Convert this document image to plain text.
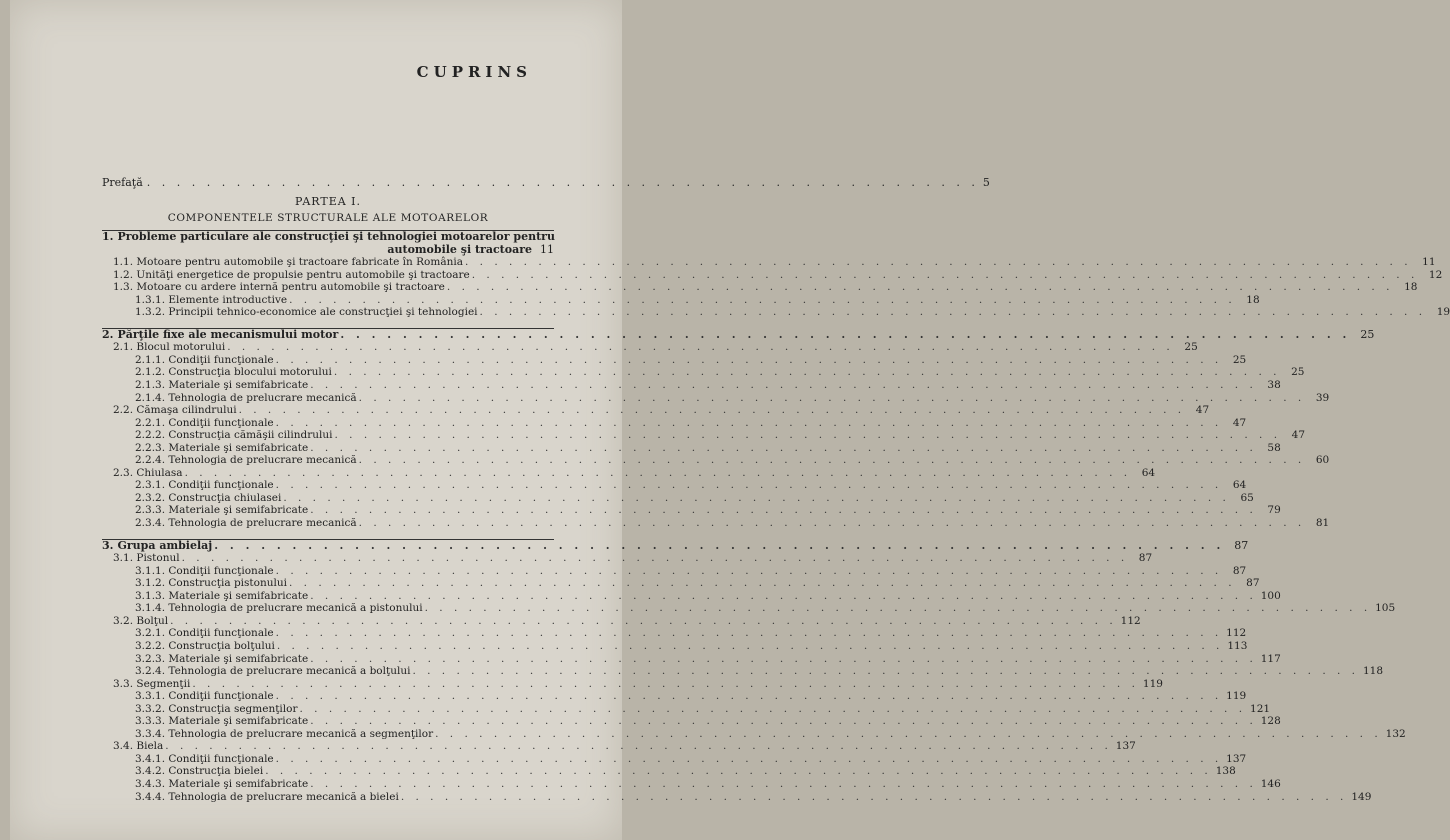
CUPRINS
Prefaţă . . . . . . . . . . . . . . . . . . . . . . . . . . . . . . . . . . . . . . . . . . . . . . . . . . . . . . . . 5
PARTEA I.
COMPONENTELE STRUCTURALE ALE MOTOARELOR
1. Probleme particulare ale construcţiei şi tehnologiei motoarelor pentru
automobile şi tractoare 11
1.1. Motoare pentru automobile şi tractoare fabricate în România . . .	11
1.2. Unităţi energetice de propulsie pentru automobile şi tractoare . . .	12
1.3. Motoare cu ardere internă pentru automobile şi tractoare . . .	18
1.3.1. Elemente introductive . . .	18
1.3.2. Principii tehnico-economice ale construcţiei şi tehnologiei . . .	19
2. Părţile fixe ale mecanismului motor . . .	25
2.1. Blocul motorului . . .	25
2.1.1. Condiţii funcţionale . . .	25
2.1.2. Construcţia blocului motorului . . .	25
2.1.3. Materiale şi semifabricate . . .	38
2.1.4. Tehnologia de prelucrare mecanică . . .	39
2.2. Cămaşa cilindrului . . .	47
2.2.1. Condiţii funcţionale . . .	47
2.2.2. Construcţia cămăşii cilindrului . . .	47
2.2.3. Materiale şi semifabricate . . .	58
2.2.4. Tehnologia de prelucrare mecanică . . .	60
2.3. Chiulasa . . .	64
2.3.1. Condiţii funcţionale . . .	64
2.3.2. Construcţia chiulasei . . .	65
2.3.3. Materiale şi semifabricate . . .	79
2.3.4. Tehnologia de prelucrare mecanică . . .	81
3. Grupa ambielaj . . .	87
3.1. Pistonul . . .	87
3.1.1. Condiţii funcţionale . . .	87
3.1.2. Construcţia pistonului . . .	87
3.1.3. Materiale şi semifabricate . . .	100
3.1.4. Tehnologia de prelucrare mecanică a pistonului . . .	105
3.2. Bolţul . . .	112
3.2.1. Condiţii funcţionale . . .	112
3.2.2. Construcţia bolţului . . .	113
3.2.3. Materiale şi semifabricate . . .	117
3.2.4. Tehnologia de prelucrare mecanică a bolţului . . .	118
3.3. Segmenţii . . .	119
3.3.1. Condiţii funcţionale . . .	119
3.3.2. Construcţia segmenţilor . . .	121
3.3.3. Materiale şi semifabricate . . .	128
3.3.4. Tehnologia de prelucrare mecanică a segmenţilor . . .	132
3.4. Biela . . .	137
3.4.1. Condiţii funcţionale . . .	137
3.4.2. Construcţia bielei . . .	138
3.4.3. Materiale şi semifabricate . . .	146
3.4.4. Tehnologia de prelucrare mecanică a bielei . . .	149
